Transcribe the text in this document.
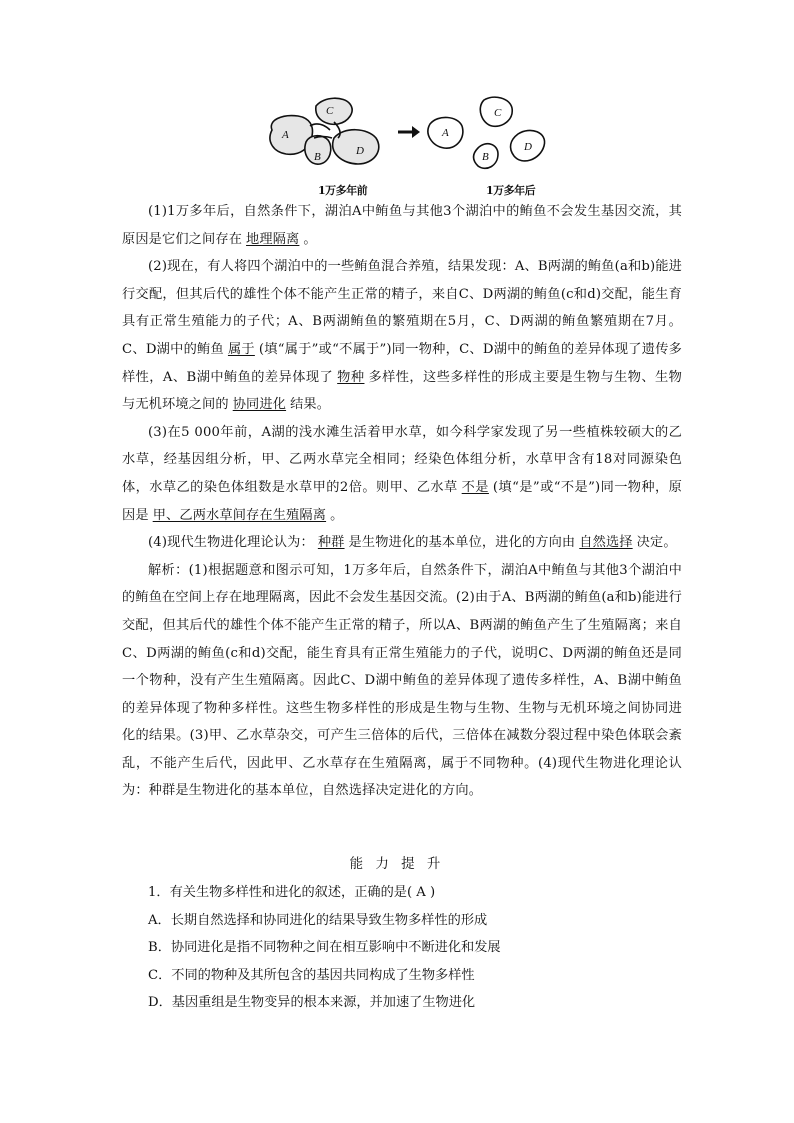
A
C
B	D
A
C
B
D
1万多年前	1万多年后

(1)1万多年后，自然条件下，湖泊A中鲔鱼与其他3个湖泊中的鲔鱼不会发生基因交流，其原因是它们之间存在 地理隔离 。

(2)现在，有人将四个湖泊中的一些鲔鱼混合养殖，结果发现：A、B两湖的鲔鱼(a和b)能进行交配，但其后代的雄性个体不能产生正常的精子，来自C、D两湖的鲔鱼(c和d)交配，能生育具有正常生殖能力的子代；A、B两湖鲔鱼的繁殖期在5月，C、D两湖的鲔鱼繁殖期在7月。C、D湖中的鲔鱼 属于 (填“属于”或“不属于”)同一物种，C、D湖中的鲔鱼的差异体现了遗传多样性，A、B湖中鲔鱼的差异体现了 物种 多样性，这些多样性的形成主要是生物与生物、生物与无机环境之间的 协同进化 结果。

(3)在5 000年前，A湖的浅水滩生活着甲水草，如今科学家发现了另一些植株较硕大的乙水草，经基因组分析，甲、乙两水草完全相同；经染色体组分析，水草甲含有18对同源染色体，水草乙的染色体组数是水草甲的2倍。则甲、乙水草 不是 (填“是”或“不是”)同一物种，原因是 甲、乙两水草间存在生殖隔离 。

(4)现代生物进化理论认为： 种群 是生物进化的基本单位，进化的方向由 自然选择 决定。

解析：(1)根据题意和图示可知，1万多年后，自然条件下，湖泊A中鲔鱼与其他3个湖泊中的鲔鱼在空间上存在地理隔离，因此不会发生基因交流。(2)由于A、B两湖的鲔鱼(a和b)能进行交配，但其后代的雄性个体不能产生正常的精子，所以A、B两湖的鲔鱼产生了生殖隔离；来自C、D两湖的鲔鱼(c和d)交配，能生育具有正常生殖能力的子代，说明C、D两湖的鲔鱼还是同一个物种，没有产生生殖隔离。因此C、D湖中鲔鱼的差异体现了遗传多样性，A、B湖中鲔鱼的差异体现了物种多样性。这些生物多样性的形成是生物与生物、生物与无机环境之间协同进化的结果。(3)甲、乙水草杂交，可产生三倍体的后代，三倍体在减数分裂过程中染色体联会紊乱，不能产生后代，因此甲、乙水草存在生殖隔离，属于不同物种。(4)现代生物进化理论认为：种群是生物进化的基本单位，自然选择决定进化的方向。

能 力 提 升

1．有关生物多样性和进化的叙述，正确的是( A )

A．长期自然选择和协同进化的结果导致生物多样性的形成

B．协同进化是指不同物种之间在相互影响中不断进化和发展

C．不同的物种及其所包含的基因共同构成了生物多样性

D．基因重组是生物变异的根本来源，并加速了生物进化
